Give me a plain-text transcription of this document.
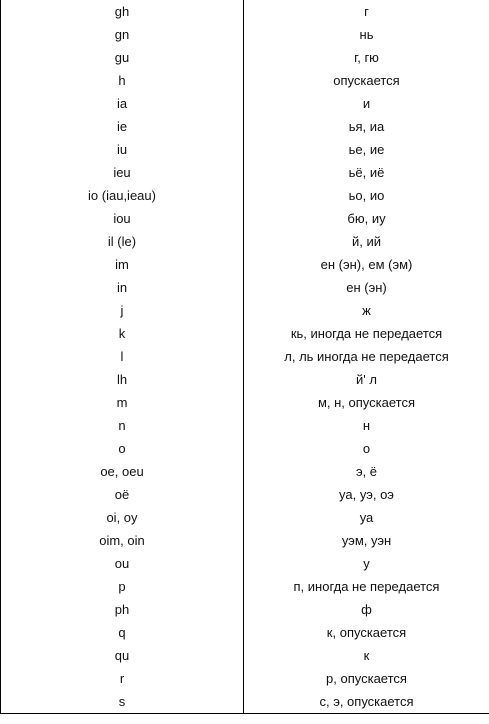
gh	г
gn	нь
gu	г, гю
h	опускается
ia	и
ie	ья, иа
iu	ье, ие
ieu	ьё, иё
io (iau,ieau)	ьо, ио
iou	бю, иу
il (le)	й, ий
im	ен (эн), ем (эм)
in	ен (эн)
j	ж
k	кь, иногда не передается
l	л, ль иногда не передается
lh	й' л
m	м, н, опускается
n	н
o	о
oe, oeu	э, ё
oë	уа, уэ, оэ
oi, oy	уа
oim, oin	уэм, уэн
ou	у
p	п, иногда не передается
ph	ф
q	к, опускается
qu	к
r	р, опускается
s	с, э, опускается
